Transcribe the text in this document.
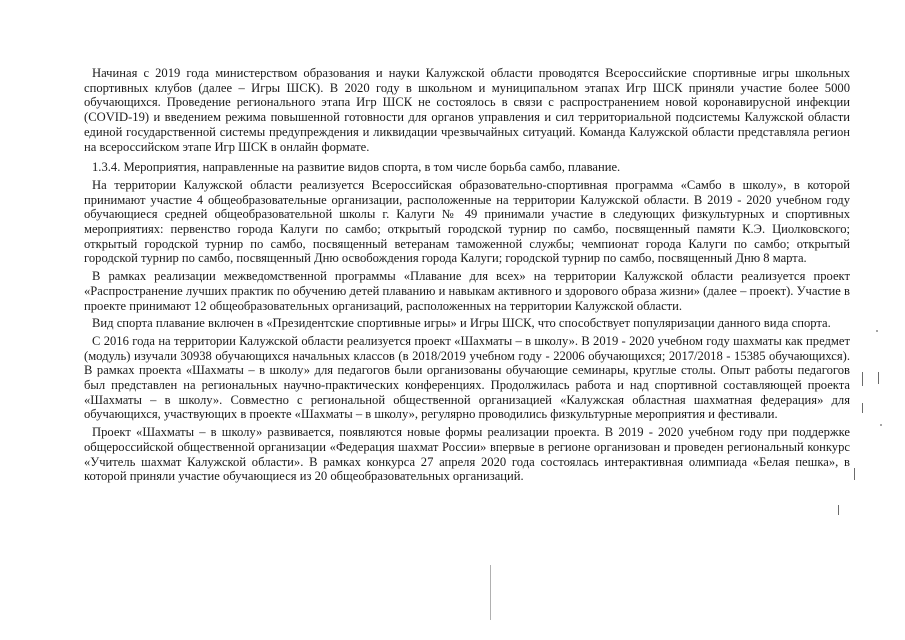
Начиная с 2019 года министерством образования и науки Калужской области проводятся Всероссийские спортивные игры школьных спортивных клубов (далее – Игры ШСК). В 2020 году в школьном и муниципальном этапах Игр ШСК приняли участие более 5000 обучающихся. Проведение регионального этапа Игр ШСК не состоялось в связи с распространением новой коронавирусной инфекции (COVID-19) и введением режима повышенной готовности для органов управления и сил территориальной подсистемы Калужской области единой государственной системы предупреждения и ликвидации чрезвычайных ситуаций. Команда Калужской области представляла регион на всероссийском этапе Игр ШСК в онлайн формате.

1.3.4. Мероприятия, направленные на развитие видов спорта, в том числе борьба самбо, плавание.

На территории Калужской области реализуется Всероссийская образовательно-спортивная программа «Самбо в школу», в которой принимают участие 4 общеобразовательные организации, расположенные на территории Калужской области. В 2019 - 2020 учебном году обучающиеся средней общеобразовательной школы г. Калуги № 49 принимали участие в следующих физкультурных и спортивных мероприятиях: первенство города Калуги по самбо; открытый городской турнир по самбо, посвященный памяти К.Э. Циолковского; открытый городской турнир по самбо, посвященный ветеранам таможенной службы; чемпионат города Калуги по самбо; открытый городской турнир по самбо, посвященный Дню освобождения города Калуги; городской турнир по самбо, посвященный Дню 8 марта.

В рамках реализации межведомственной программы «Плавание для всех» на территории Калужской области реализуется проект «Распространение лучших практик по обучению детей плаванию и навыкам активного и здорового образа жизни» (далее – проект). Участие в проекте принимают 12 общеобразовательных организаций, расположенных на территории Калужской области.

Вид спорта плавание включен в «Президентские спортивные игры» и Игры ШСК, что способствует популяризации данного вида спорта.

С 2016 года на территории Калужской области реализуется проект «Шахматы – в школу». В 2019 - 2020 учебном году шахматы как предмет (модуль) изучали 30938 обучающихся начальных классов (в 2018/2019 учебном году - 22006 обучающихся; 2017/2018 - 15385 обучающихся). В рамках проекта «Шахматы – в школу» для педагогов были организованы обучающие семинары, круглые столы. Опыт работы педагогов был представлен на региональных научно-практических конференциях. Продолжилась работа и над спортивной составляющей проекта «Шахматы – в школу». Совместно с региональной общественной организацией «Калужская областная шахматная федерация» для обучающихся, участвующих в проекте «Шахматы – в школу», регулярно проводились физкультурные мероприятия и фестивали.

Проект «Шахматы – в школу» развивается, появляются новые формы реализации проекта. В 2019 - 2020 учебном году при поддержке общероссийской общественной организации «Федерация шахмат России» впервые в регионе организован и проведен региональный конкурс «Учитель шахмат Калужской области». В рамках конкурса 27 апреля 2020 года состоялась интерактивная олимпиада «Белая пешка», в которой приняли участие обучающиеся из 20 общеобразовательных организаций.
